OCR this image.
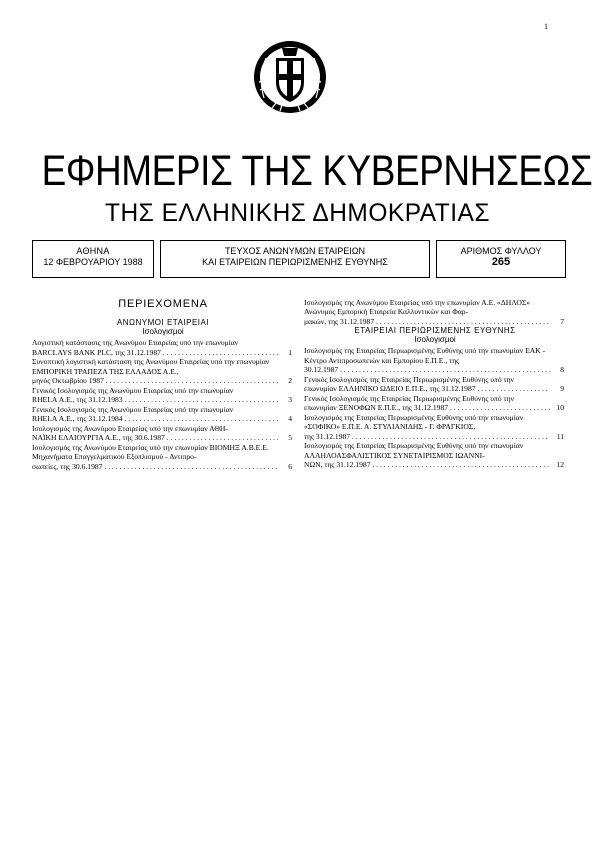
1
ΕΦΗΜΕΡΙΣ ΤΗΣ ΚΥΒΕΡΝΗΣΕΩΣ
ΤΗΣ ΕΛΛΗΝΙΚΗΣ ΔΗΜΟΚΡΑΤΙΑΣ
ΑΘΗΝΑ
12 ΦΕΒΡΟΥΑΡΙΟΥ 1988
ΤΕΥΧΟΣ ΑΝΩΝΥΜΩΝ ΕΤΑΙΡΕΙΩΝ
ΚΑΙ ΕΤΑΙΡΕΙΩΝ ΠΕΡΙΩΡΙΣΜΕΝΗΣ ΕΥΘΥΝΗΣ
ΑΡΙΘΜΟΣ ΦΥΛΛΟΥ
265
ΠΕΡΙΕΧΟΜΕΝΑ
ΑΝΩΝΥΜΟΙ ΕΤΑΙΡΕΙΑΙ
Ισολογισμοί
Λογιστική κατάστασις της Ανωνύμου Εταιρείας υπό την επωνυμίαν
BARCLAYS BANK PLC, της 31.12.1987 . . .	1
Συνοπτική λογιστική κατάσταση της Ανωνύμου Εταιρείας υπό την επωνυμίαν ΕΜΠΟΡΙΚΗ ΤΡΑΠΕΖΑ ΤΗΣ ΕΛΛΑΔΟΣ Α.Ε.,
μηνός Οκτωβρίου 1987 . . .	2
Γενικός Ισολογισμός της Ανωνύμου Εταιρείας υπό την επωνυμίαν
RHELA Α.Ε., της 31.12.1983 . . .	3
Γενικός Ισολογισμός της Ανωνύμου Εταιρείας υπό την επωνυμίαν
RHELA Α.Ε., της 31.12.1984 . . .	4
Ισολογισμός της Ανωνύμου Εταιρείας υπό την επωνυμίαν ΑΘΗ-
ΝΑΪΚΗ ΕΛΑΙΟΥΡΓΙΑ Α.Ε., της 30.6.1987 . . .	5
Ισολογισμός της Ανωνύμου Εταιρείας υπό την επωνυμίαν ΒΙΟΜΗΞ Α.Β.Ε.Ε. Μηχανήματα Επαγγελματικού Εξοπλισμού - Αντιπρο-
σωπείες, της 30.6.1987 . . .	6
Ισολογισμός της Ανωνύμου Εταιρείας υπό την επωνυμίαν Α.Ε. «ΔΗΛΟΣ» Ανώνυμος Εμπορική Εταιρεία Καλλυντικών και Φαρ-
μακών, της 31.12.1987 . . .	7
ΕΤΑΙΡΕΙΑΙ ΠΕΡΙΩΡΙΣΜΕΝΗΣ ΕΥΘΥΝΗΣ
Ισολογισμοί
Ισολογισμός της Εταιρείας Περιωρισμένης Ευθύνης υπό την επωνυμίαν ΕΑΚ - Κέντρο Αντιπροσωπειών και Εμπορίου Ε.Π.Ε., της
30.12.1987 . . .	8
Γενικός Ισολογισμός της Εταιρείας Περιωρισμένης Ευθύνης υπό την
επωνυμίαν ΕΛΛΗΝΙΚΟ ΩΔΕΙΟ Ε.Π.Ε., της 31.12.1987 . . .	9
Γενικός Ισολογισμός της Εταιρείας Περιωρισμένης Ευθύνης υπό την
επωνυμίαν ΞΕΝΟΦΩΝ Ε.Π.Ε., της 31.12.1987 . . .	10
Ισολογισμός της Εταιρείας Περιωρισμένης Ευθύνης υπό την επωνυμίαν «ΣΟΦΙΚΟ» Ε.Π.Ε. Α. ΣΤΥΛΙΑΝΙΔΗΣ - Γ. ΦΡΑΓΚΙΟΣ,
της 31.12.1987 . . .	11
Ισολογισμός της Εταιρείας Περιωρισμένης Ευθύνης υπό την επωνυμίαν ΑΛΛΗΛΟΑΣΦΑΛΙΣΤΙΚΟΣ ΣΥΝΕΤΑΙΡΙΣΜΟΣ ΙΩΑΝΝΙ-
ΝΩΝ, της 31.12.1987 . . .	12
